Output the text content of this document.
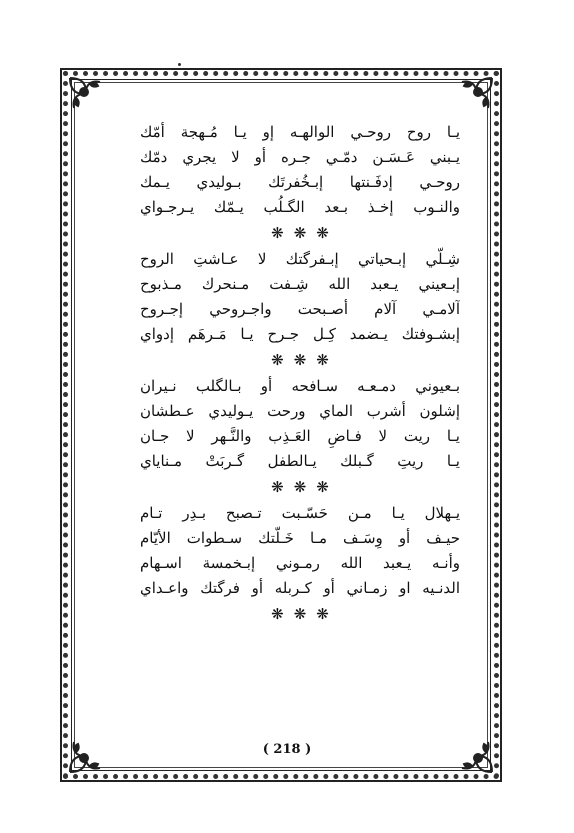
يـا روح روحـي الوالهـه إو يـا مُـهجة أمّك
يـبني عَـسَـن دمّـي جـره أو لا يجري دمّك
روحـي إدفَـنتها إبـخُفرتَك بـوليدي يـمك
والنـوب إخـذ بـعد الگـلُب يـمّك يـرجـواي
❋❋❋
شِـلّي إبـحياتي إبـفرگتك لا عـاشتِ الروح
إبـعيني يـعبد الله شِـفت مـنحرك مـذبوح
آلامـي آلام أصـبحت واجـروحي إجـروح
إبشـوفتك يـضمد كِـل جـرح يـا مَـرهَم إدواي
❋❋❋
بـعيوني دمـعـه سـافحه أو بـالگلب نـيران
إشلون أشرب الماي ورحت يـوليدي عـطشان
يـا ريت لا فـاضِ العَـذِب والنَّـهر لا جـان
يـا ريتِ گـبلك يـالطفل گـربَتْ مـناياي
❋❋❋
يـهلال يـا مـن حَسّـبت تـصبح بـدِر تـام
حيـف أو وِسَـف مـا خَـلّتك سـطوات الأيّام
وأنـه يـعبد الله رمـوني إبـخمسة اسـهام
الدنـيه او زمـاني أو كـربله أو فرگتك واعـداي
❋❋❋
( 218 )
